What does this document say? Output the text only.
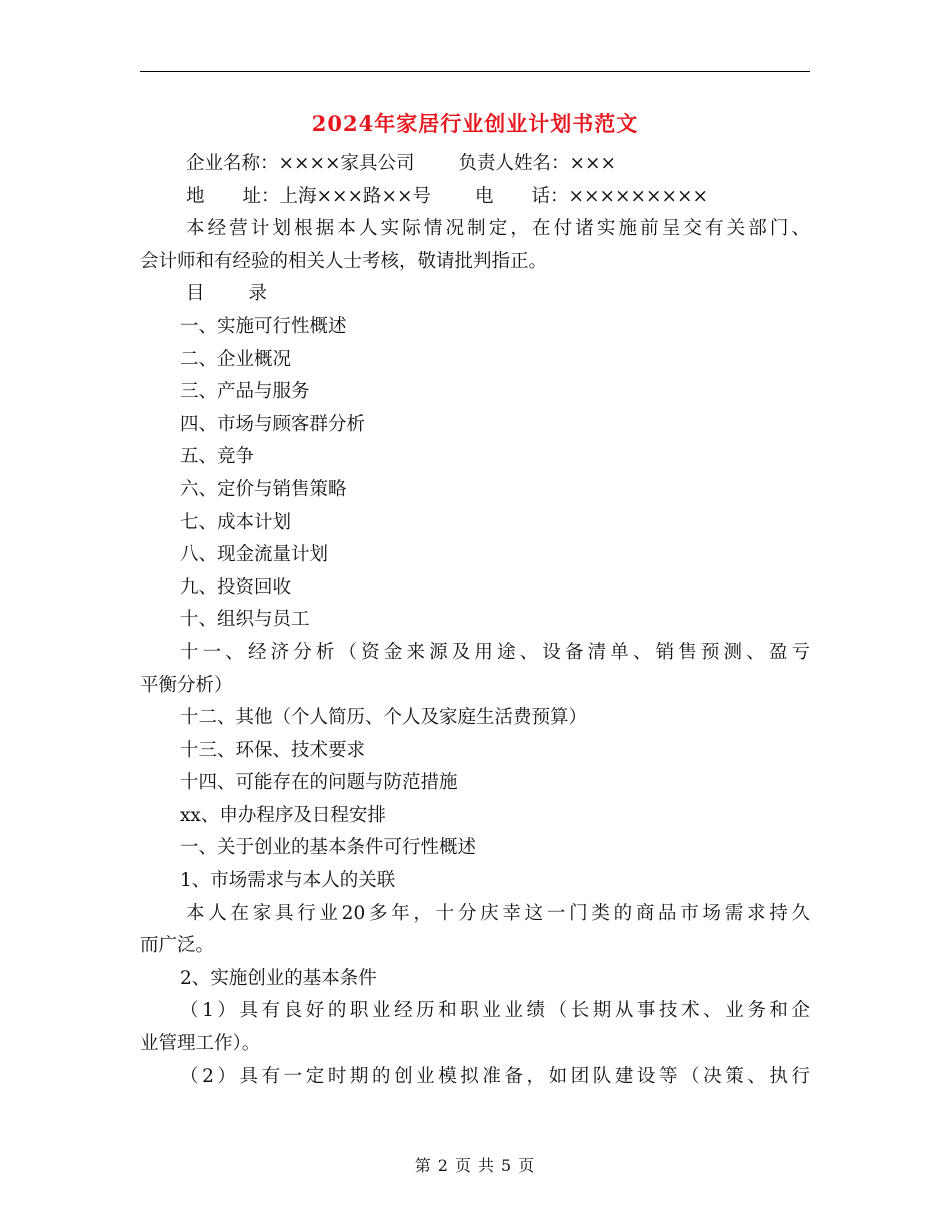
2024年家居行业创业计划书范文
企业名称：××××家具公司 负责人姓名：×××
地 址：上海×××路××号 电 话：×××××××××
本经营计划根据本人实际情况制定，在付诸实施前呈交有关部门、
会计师和有经验的相关人士考核，敬请批判指正。
目 录
一、实施可行性概述
二、企业概况
三、产品与服务
四、市场与顾客群分析
五、竞争
六、定价与销售策略
七、成本计划
八、现金流量计划
九、投资回收
十、组织与员工
十一、经济分析（资金来源及用途、设备清单、销售预测、盈亏
平衡分析）
十二、其他（个人简历、个人及家庭生活费预算）
十三、环保、技术要求
十四、可能存在的问题与防范措施
xx、申办程序及日程安排
一、关于创业的基本条件可行性概述
1、市场需求与本人的关联
本人在家具行业20多年，十分庆幸这一门类的商品市场需求持久
而广泛。
2、实施创业的基本条件
（1）具有良好的职业经历和职业业绩（长期从事技术、业务和企
业管理工作）。
（2）具有一定时期的创业模拟准备，如团队建设等（决策、执行
第 2 页 共 5 页
